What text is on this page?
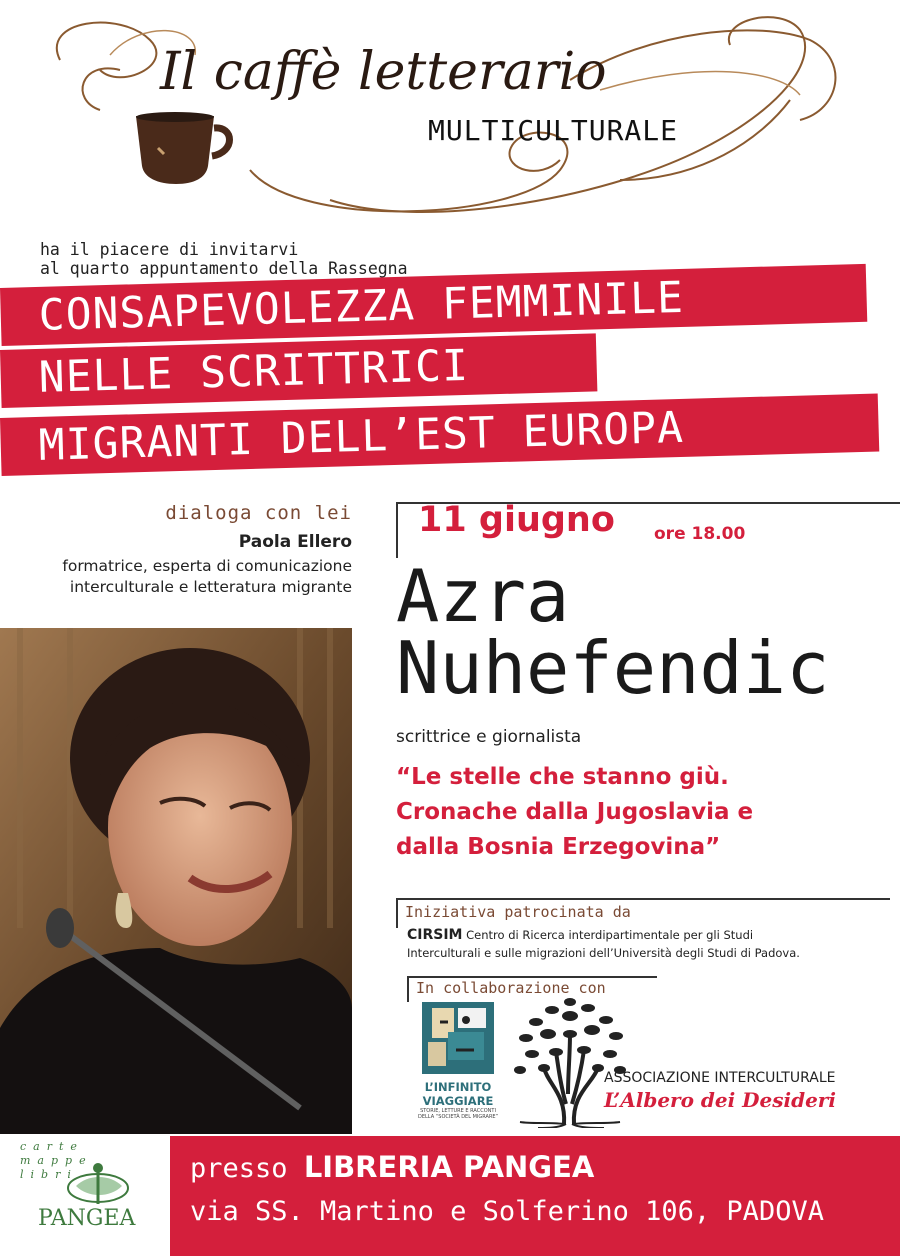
Il caffè letterario
MULTICULTURALE
ha il piacere di invitarvi
al quarto appuntamento della Rassegna
CONSAPEVOLEZZA FEMMINILE
NELLE SCRITTRICI
MIGRANTI DELL’EST EUROPA
dialoga con lei
Paola Ellero
formatrice, esperta di comunicazione
interculturale e letteratura migrante
11 giugno ore 18.00
Azra
Nuhefendic
scrittrice e giornalista
“Le stelle che stanno giù.
Cronache dalla Jugoslavia e
dalla Bosnia Erzegovina”
Iniziativa patrocinata da
CIRSIM Centro di Ricerca interdipartimentale per gli Studi
Interculturali e sulle migrazioni dell’Università degli Studi di Padova.
In collaborazione con
L’INFINITO
VIAGGIARE
STORIE, LETTURE E RACCONTI
DELLA “SOCIETÀ DEL MIGRARE”
ASSOCIAZIONE INTERCULTURALE
L’Albero dei Desideri
presso LIBRERIA PANGEA
via SS. Martino e Solferino 106, PADOVA
carte
mappe
libri
PANGEA
